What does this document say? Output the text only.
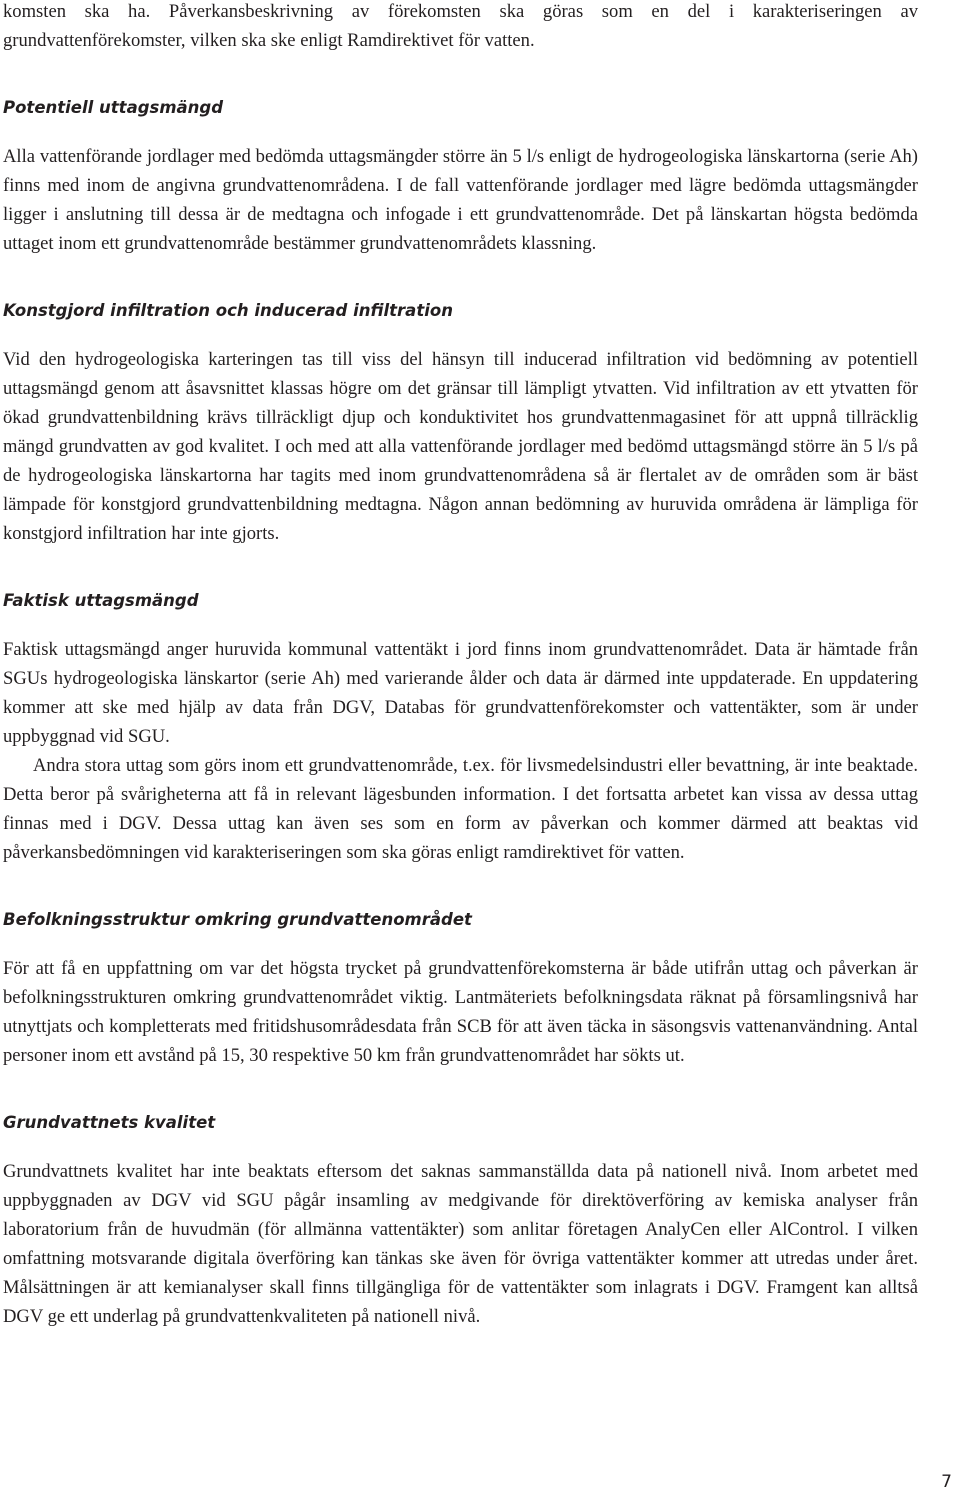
komsten ska ha. Påverkansbeskrivning av förekomsten ska göras som en del i karakteriseringen av grundvattenförekomster, vilken ska ske enligt Ramdirektivet för vatten.

Potentiell uttagsmängd

Alla vattenförande jordlager med bedömda uttagsmängder större än 5 l/s enligt de hydrogeologiska länskartorna (serie Ah) finns med inom de angivna grundvattenområdena. I de fall vattenförande jordlager med lägre bedömda uttagsmängder ligger i anslutning till dessa är de medtagna och infogade i ett grundvattenområde. Det på länskartan högsta bedömda uttaget inom ett grundvattenområde bestämmer grundvattenområdets klassning.

Konstgjord infiltration och inducerad infiltration

Vid den hydrogeologiska karteringen tas till viss del hänsyn till inducerad infiltration vid bedömning av potentiell uttagsmängd genom att åsavsnittet klassas högre om det gränsar till lämpligt ytvatten. Vid infiltration av ett ytvatten för ökad grundvattenbildning krävs tillräckligt djup och konduktivitet hos grundvattenmagasinet för att uppnå tillräcklig mängd grundvatten av god kvalitet. I och med att alla vattenförande jordlager med bedömd uttagsmängd större än 5 l/s på de hydrogeologiska länskartorna har tagits med inom grundvattenområdena så är flertalet av de områden som är bäst lämpade för konstgjord grundvattenbildning medtagna. Någon annan bedömning av huruvida områdena är lämpliga för konstgjord infiltration har inte gjorts.

Faktisk uttagsmängd

Faktisk uttagsmängd anger huruvida kommunal vattentäkt i jord finns inom grundvattenområdet. Data är hämtade från SGUs hydrogeologiska länskartor (serie Ah) med varierande ålder och data är därmed inte uppdaterade. En uppdatering kommer att ske med hjälp av data från DGV, Databas för grundvattenförekomster och vattentäkter, som är under uppbyggnad vid SGU.

Andra stora uttag som görs inom ett grundvattenområde, t.ex. för livsmedelsindustri eller bevattning, är inte beaktade. Detta beror på svårigheterna att få in relevant lägesbunden information. I det fortsatta arbetet kan vissa av dessa uttag finnas med i DGV. Dessa uttag kan även ses som en form av påverkan och kommer därmed att beaktas vid påverkansbedömningen vid karakteriseringen som ska göras enligt ramdirektivet för vatten.

Befolkningsstruktur omkring grundvattenområdet

För att få en uppfattning om var det högsta trycket på grundvattenförekomsterna är både utifrån uttag och påverkan är befolkningsstrukturen omkring grundvattenområdet viktig. Lantmäteriets befolkningsdata räknat på församlingsnivå har utnyttjats och kompletterats med fritidshusområdesdata från SCB för att även täcka in säsongsvis vattenanvändning. Antal personer inom ett avstånd på 15, 30 respektive 50 km från grundvattenområdet har sökts ut.

Grundvattnets kvalitet

Grundvattnets kvalitet har inte beaktats eftersom det saknas sammanställda data på nationell nivå. Inom arbetet med uppbyggnaden av DGV vid SGU pågår insamling av medgivande för direktöverföring av kemiska analyser från laboratorium från de huvudmän (för allmänna vattentäkter) som anlitar företagen AnalyCen eller AlControl. I vilken omfattning motsvarande digitala överföring kan tänkas ske även för övriga vattentäkter kommer att utredas under året. Målsättningen är att kemianalyser skall finns tillgängliga för de vattentäkter som inlagrats i DGV. Framgent kan alltså DGV ge ett underlag på grundvattenkvaliteten på nationell nivå.

7
